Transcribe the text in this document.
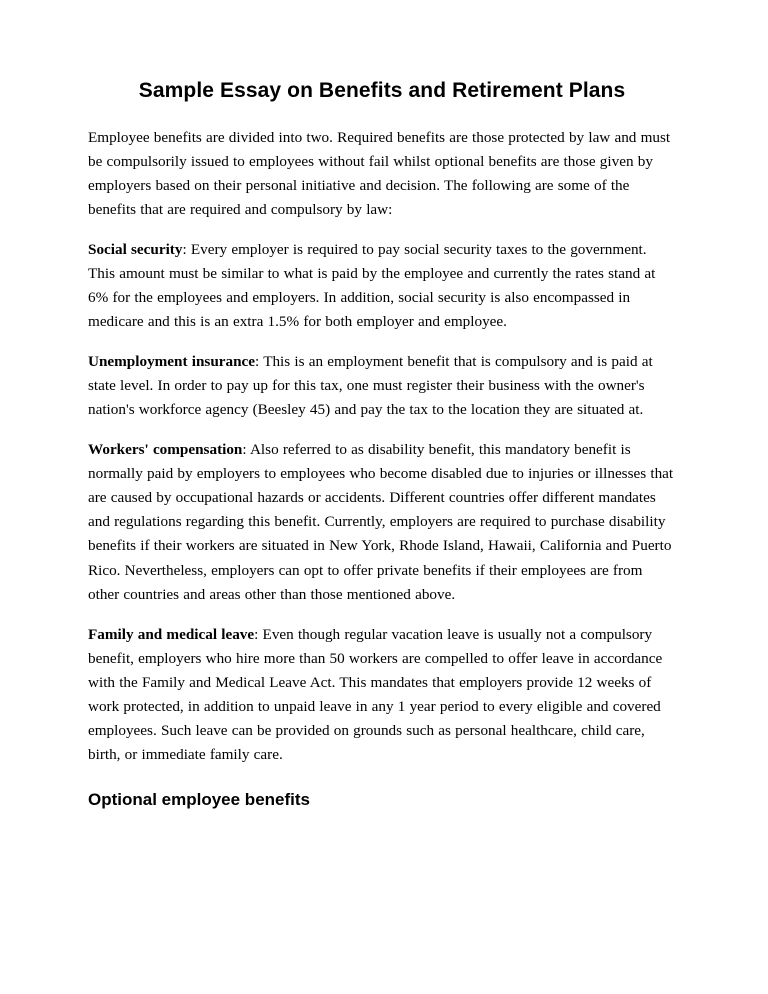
Sample Essay on Benefits and Retirement Plans

Employee benefits are divided into two. Required benefits are those protected by law and must be compulsorily issued to employees without fail whilst optional benefits are those given by employers based on their personal initiative and decision. The following are some of the benefits that are required and compulsory by law:

Social security: Every employer is required to pay social security taxes to the government. This amount must be similar to what is paid by the employee and currently the rates stand at 6% for the employees and employers. In addition, social security is also encompassed in medicare and this is an extra 1.5% for both employer and employee.

Unemployment insurance: This is an employment benefit that is compulsory and is paid at state level. In order to pay up for this tax, one must register their business with the owner's nation's workforce agency (Beesley 45) and pay the tax to the location they are situated at.

Workers' compensation: Also referred to as disability benefit, this mandatory benefit is normally paid by employers to employees who become disabled due to injuries or illnesses that are caused by occupational hazards or accidents. Different countries offer different mandates and regulations regarding this benefit. Currently, employers are required to purchase disability benefits if their workers are situated in New York, Rhode Island, Hawaii, California and Puerto Rico. Nevertheless, employers can opt to offer private benefits if their employees are from other countries and areas other than those mentioned above.

Family and medical leave: Even though regular vacation leave is usually not a compulsory benefit, employers who hire more than 50 workers are compelled to offer leave in accordance with the Family and Medical Leave Act. This mandates that employers provide 12 weeks of work protected, in addition to unpaid leave in any 1 year period to every eligible and covered employees. Such leave can be provided on grounds such as personal healthcare, child care, birth, or immediate family care.

Optional employee benefits
